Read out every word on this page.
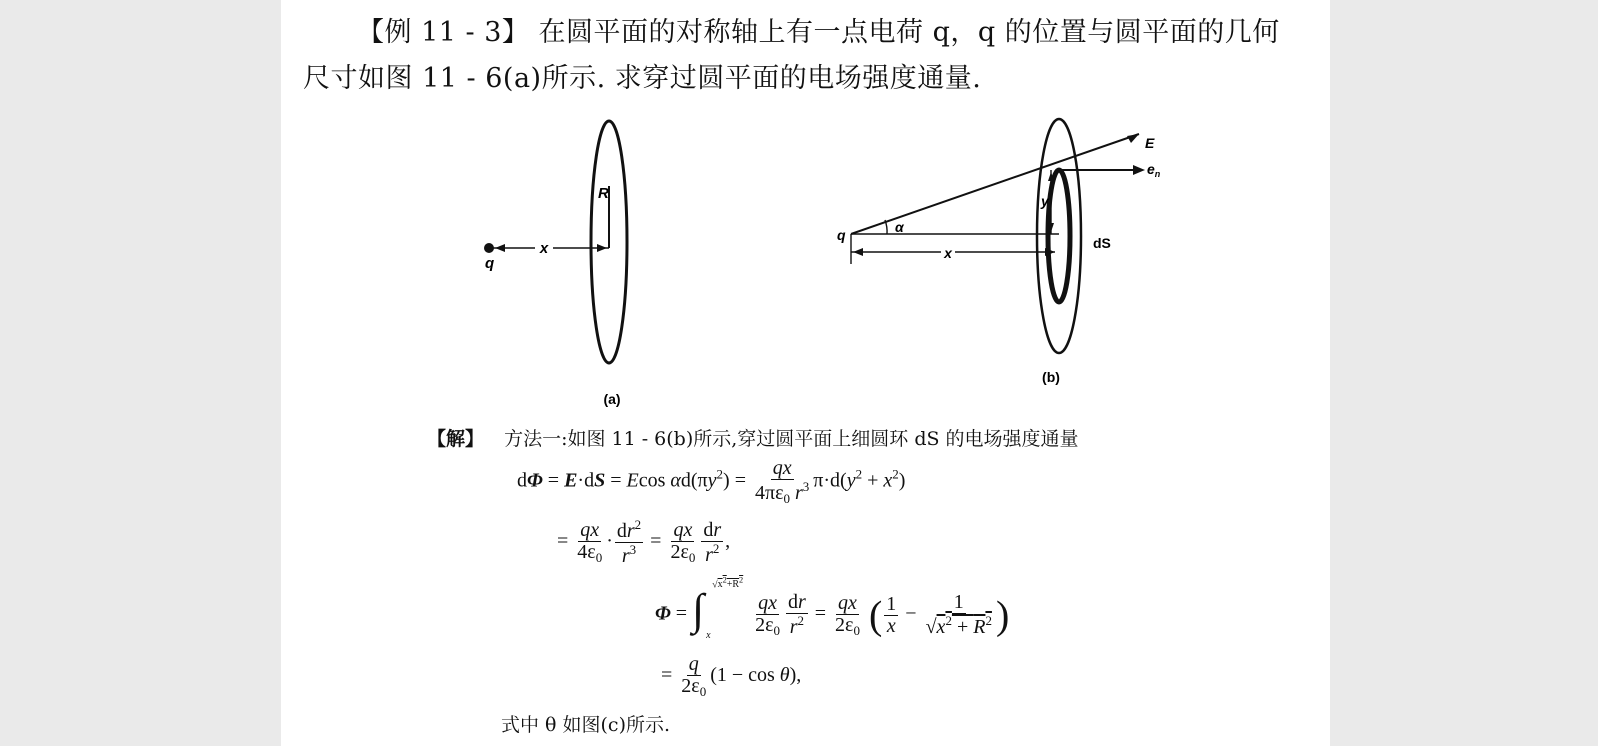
【例 11 - 3】 在圆平面的对称轴上有一点电荷 q，q 的位置与圆平面的几何
尺寸如图 11 - 6(a)所示. 求穿过圆平面的电场强度通量.
x
q
R
(a)
q	α
x
y
E
$e_n$
dS
(b)
【解】 方法一:如图 11 - 6(b)所示,穿过圆平面上细圆环 dS 的电场强度通量
dΦ = E·dS = Ecos $\alpha d(\pi y^2) = \frac{qx}{4\pi\varepsilon_0 r^3} \pi\cdot d(y^2 + x^2)$
= $\frac{qx}{4\varepsilon_0} \cdot \frac{dr^2}{r^3} = \frac{qx}{2\varepsilon_0} \frac{dr}{r^2}$ ,
Φ = ∫
$√x^2+R^2$
x
$\frac{qx}{2\varepsilon_0} \frac{dr}{r^2} = \frac{qx}{2\varepsilon_0}$ ( $\frac{1}{x} - \frac{1}{√x^2 + R^2}$ )
= $\frac{q}{2\varepsilon_0} (1 - \cos \theta)$,
式中 θ 如图(c)所示.
